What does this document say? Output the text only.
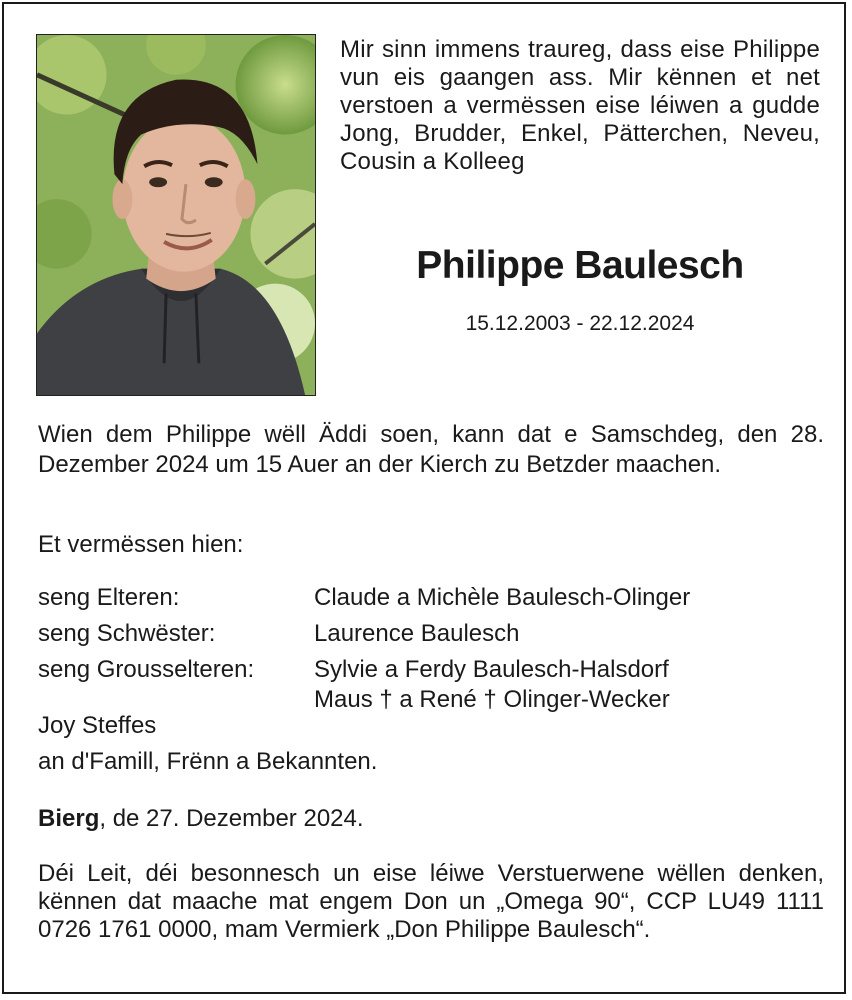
Mir sinn immens traureg, dass eise Philippe vun eis gaangen ass. Mir kënnen et net verstoen a vermëssen eise léiwen a gudde Jong, Brudder, Enkel, Pätterchen, Neveu, Cousin a Kolleeg
Philippe Baulesch
15.12.2003 - 22.12.2024
Wien dem Philippe wëll Äddi soen, kann dat e Samschdeg, den 28. Dezember 2024 um 15 Auer an der Kierch zu Betzder maachen.
Et vermëssen hien:
seng Elteren:	Claude a Michèle Baulesch-Olinger
seng Schwëster:	Laurence Baulesch
seng Grousselteren: Sylvie a Ferdy Baulesch-Halsdorf
Maus † a René † Olinger-Wecker
Joy Steffes
an d'Famill, Frënn a Bekannten.
Bierg, de 27. Dezember 2024.
Déi Leit, déi besonnesch un eise léiwe Verstuerwene wëllen denken, kënnen dat maache mat engem Don un „Omega 90“, CCP LU49 1111 0726 1761 0000, mam Vermierk „Don Philippe Baulesch“.
